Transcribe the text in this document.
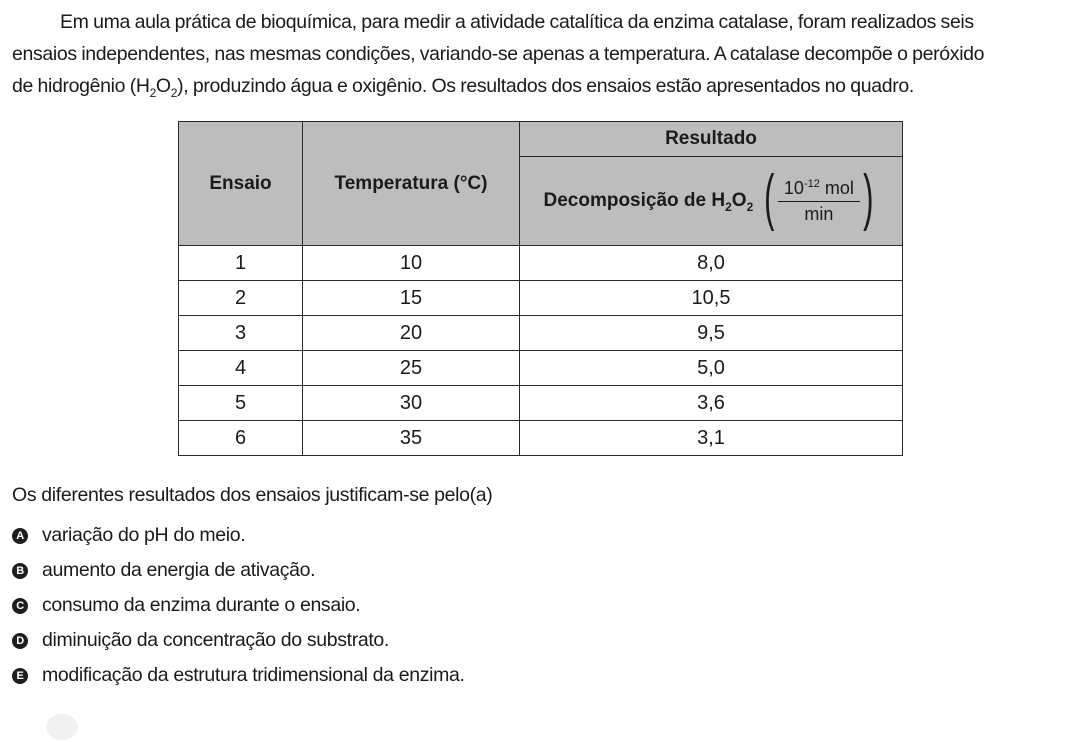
Em uma aula prática de bioquímica, para medir a atividade catalítica da enzima catalase, foram realizados seis
ensaios independentes, nas mesmas condições, variando-se apenas a temperatura. A catalase decompõe o peróxido
de hidrogênio $(H_2O_2)$, produzindo água e oxigênio. Os resultados dos ensaios estão apresentados no quadro.
Ensaio	Temperatura (°C)	Resultado

		Decomposição de $H_2O_2$ ( $\frac{10^{-12} mol}{\min}$ )

1	10	8,0
2	15	10,5
3	20	9,5
4	25	5,0
5	30	3,6
6	35	3,1
Os diferentes resultados dos ensaios justificam-se pelo(a)
A variação do pH do meio.
B aumento da energia de ativação.
C consumo da enzima durante o ensaio.
D diminuição da concentração do substrato.
E modificação da estrutura tridimensional da enzima.
